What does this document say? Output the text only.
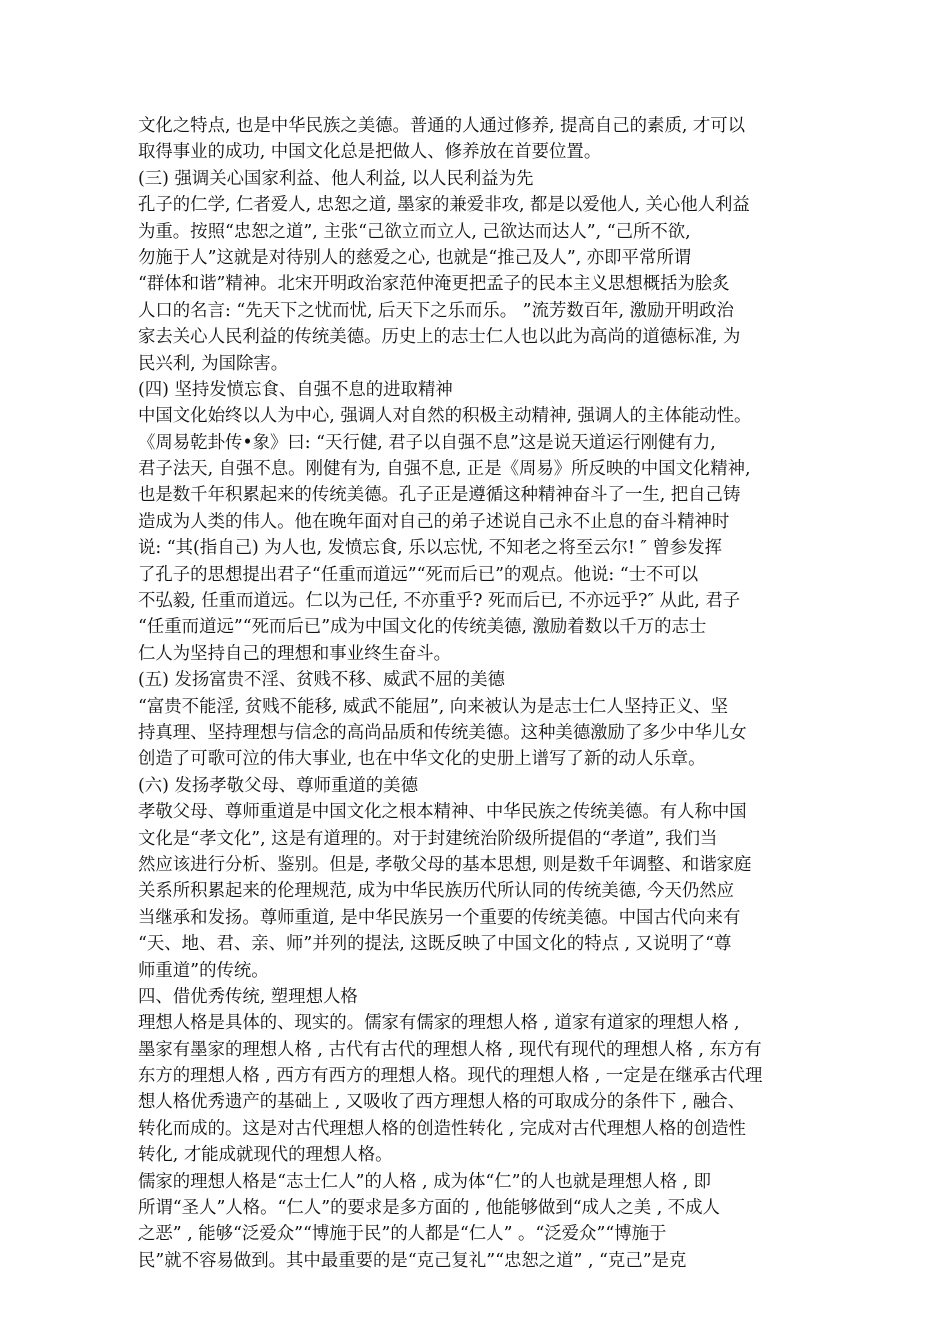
文化之特点, 也是中华民族之美德。普通的人通过修养, 提高自己的素质, 才可以
取得事业的成功, 中国文化总是把做人、修养放在首要位置。
(三) 强调关心国家利益、他人利益, 以人民利益为先
孔子的仁学, 仁者爱人, 忠恕之道, 墨家的兼爱非攻, 都是以爱他人, 关心他人利益
为重。按照“忠恕之道”, 主张“己欲立而立人, 己欲达而达人”, “己所不欲,
勿施于人”这就是对待别人的慈爱之心, 也就是“推己及人”, 亦即平常所谓
“群体和谐”精神。北宋开明政治家范仲淹更把孟子的民本主义思想概括为脍炙
人口的名言: “先天下之忧而忧, 后天下之乐而乐。 ”流芳数百年, 激励开明政治
家去关心人民利益的传统美德。历史上的志士仁人也以此为高尚的道德标准, 为
民兴利, 为国除害。
(四) 坚持发愤忘食、自强不息的进取精神
中国文化始终以人为中心, 强调人对自然的积极主动精神, 强调人的主体能动性。
《周易乾卦传•象》曰: “天行健, 君子以自强不息”这是说天道运行刚健有力,
君子法天, 自强不息。刚健有为, 自强不息, 正是《周易》所反映的中国文化精神,
也是数千年积累起来的传统美德。孔子正是遵循这种精神奋斗了一生, 把自己铸
造成为人类的伟人。他在晚年面对自己的弟子述说自己永不止息的奋斗精神时
说: “其(指自己) 为人也, 发愤忘食, 乐以忘忧, 不知老之将至云尔! ″ 曾参发挥
了孔子的思想提出君子“任重而道远”“死而后已”的观点。他说: “士不可以
不弘毅, 任重而道远。仁以为己任, 不亦重乎? 死而后已, 不亦远乎?″ 从此, 君子
“任重而道远”“死而后已”成为中国文化的传统美德, 激励着数以千万的志士
仁人为坚持自己的理想和事业终生奋斗。
(五) 发扬富贵不淫、贫贱不移、威武不屈的美德
“富贵不能淫, 贫贱不能移, 威武不能屈”, 向来被认为是志士仁人坚持正义、坚
持真理、坚持理想与信念的高尚品质和传统美德。这种美德激励了多少中华儿女
创造了可歌可泣的伟大事业, 也在中华文化的史册上谱写了新的动人乐章。
(六) 发扬孝敬父母、尊师重道的美德
孝敬父母、尊师重道是中国文化之根本精神、中华民族之传统美德。有人称中国
文化是“孝文化”, 这是有道理的。对于封建统治阶级所提倡的“孝道”, 我们当
然应该进行分析、鉴别。但是, 孝敬父母的基本思想, 则是数千年调整、和谐家庭
关系所积累起来的伦理规范, 成为中华民族历代所认同的传统美德, 今天仍然应
当继承和发扬。尊师重道, 是中华民族另一个重要的传统美德。中国古代向来有
“天、地、君、亲、师”并列的提法, 这既反映了中国文化的特点 , 又说明了“尊
师重道”的传统。
四、借优秀传统, 塑理想人格
理想人格是具体的、现实的。儒家有儒家的理想人格 , 道家有道家的理想人格 ,
墨家有墨家的理想人格 , 古代有古代的理想人格 , 现代有现代的理想人格 , 东方有
东方的理想人格 , 西方有西方的理想人格。现代的理想人格 , 一定是在继承古代理
想人格优秀遗产的基础上 , 又吸收了西方理想人格的可取成分的条件下 , 融合、
转化而成的。这是对古代理想人格的创造性转化 , 完成对古代理想人格的创造性
转化, 才能成就现代的理想人格。
儒家的理想人格是“志士仁人”的人格 , 成为体“仁”的人也就是理想人格 , 即
所谓“圣人”人格。“仁人”的要求是多方面的 , 他能够做到“成人之美 , 不成人
之恶” , 能够“泛爱众”“博施于民”的人都是“仁人” 。“泛爱众”“博施于
民”就不容易做到。其中最重要的是“克己复礼”“忠恕之道” , “克己”是克
